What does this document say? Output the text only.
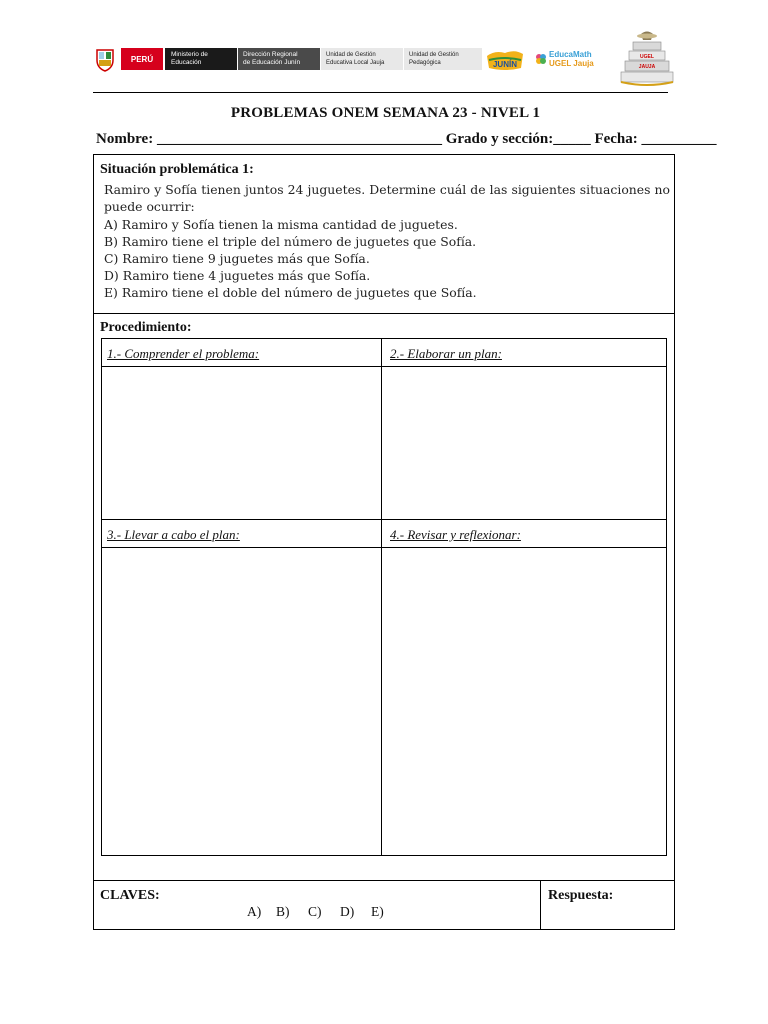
PERÚ	Ministerio de
Educación
Dirección Regional
de Educación Junín
Unidad de Gestión
Educativa Local Jauja
Unidad de Gestión
Pedagógica	JUNÍN
EducaMath
UGEL Jauja
UGEL
JAUJA
PROBLEMAS ONEM SEMANA 23 - NIVEL 1
Nombre: ______________________________________ Grado y sección:_____ Fecha: __________
Situación problemática 1:

Ramiro y Sofía tienen juntos 24 juguetes. Determine cuál de las siguientes situaciones no puede ocurrir:

A) Ramiro y Sofía tienen la misma cantidad de juguetes.

B) Ramiro tiene el triple del número de juguetes que Sofía.

C) Ramiro tiene 9 juguetes más que Sofía.

D) Ramiro tiene 4 juguetes más que Sofía.

E) Ramiro tiene el doble del número de juguetes que Sofía.

Procedimiento:
1.- Comprender el problema:	2.- Elaborar un plan:
3.- Llevar a cabo el plan:	4.- Revisar y reflexionar:
CLAVES:
A) B) C) D) E)
Respuesta:
